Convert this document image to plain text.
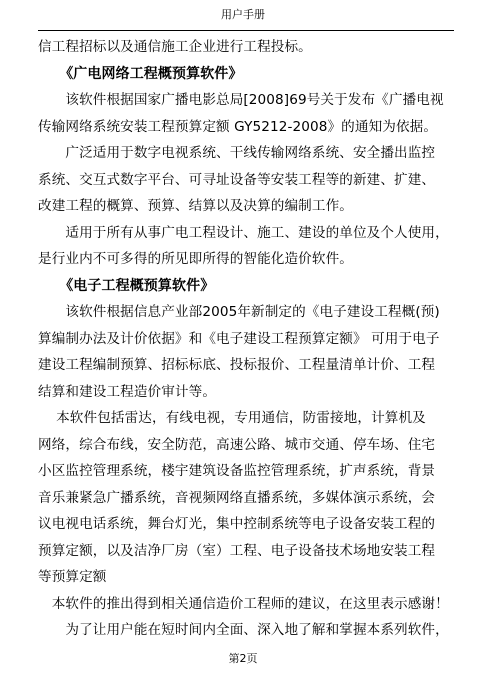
用户手册
信工程招标以及通信施工企业进行工程投标。
　　《广电网络工程概预算软件》
　　该软件根据国家广播电影总局[2008]69号关于发布《广播电视
传输网络系统安装工程预算定额 GY5212-2008》的通知为依据。
　　广泛适用于数字电视系统、干线传输网络系统、安全播出监控
系统、交互式数字平台、可寻址设备等安装工程等的新建、扩建、
改建工程的概算、预算、结算以及决算的编制工作。
　　适用于所有从事广电工程设计、施工、建设的单位及个人使用，
是行业内不可多得的所见即所得的智能化造价软件。
　　《电子工程概预算软件》
　　该软件根据信息产业部2005年新制定的《电子建设工程概(预)
算编制办法及计价依据》和《电子建设工程预算定额》 可用于电子
建设工程编制预算、招标标底、投标报价、工程量清单计价、工程
结算和建设工程造价审计等。
　 本软件包括雷达，有线电视，专用通信，防雷接地，计算机及
网络，综合布线，安全防范，高速公路、城市交通、停车场、住宅
小区监控管理系统，楼宇建筑设备监控管理系统，扩声系统，背景
音乐兼紧急广播系统，音视频网络直播系统，多媒体演示系统，会
议电视电话系统，舞台灯光，集中控制系统等电子设备安装工程的
预算定额，以及洁净厂房（室）工程、电子设备技术场地安装工程
等预算定额
　本软件的推出得到相关通信造价工程师的建议，在这里表示感谢！
　　为了让用户能在短时间内全面、深入地了解和掌握本系列软件，
第2页
